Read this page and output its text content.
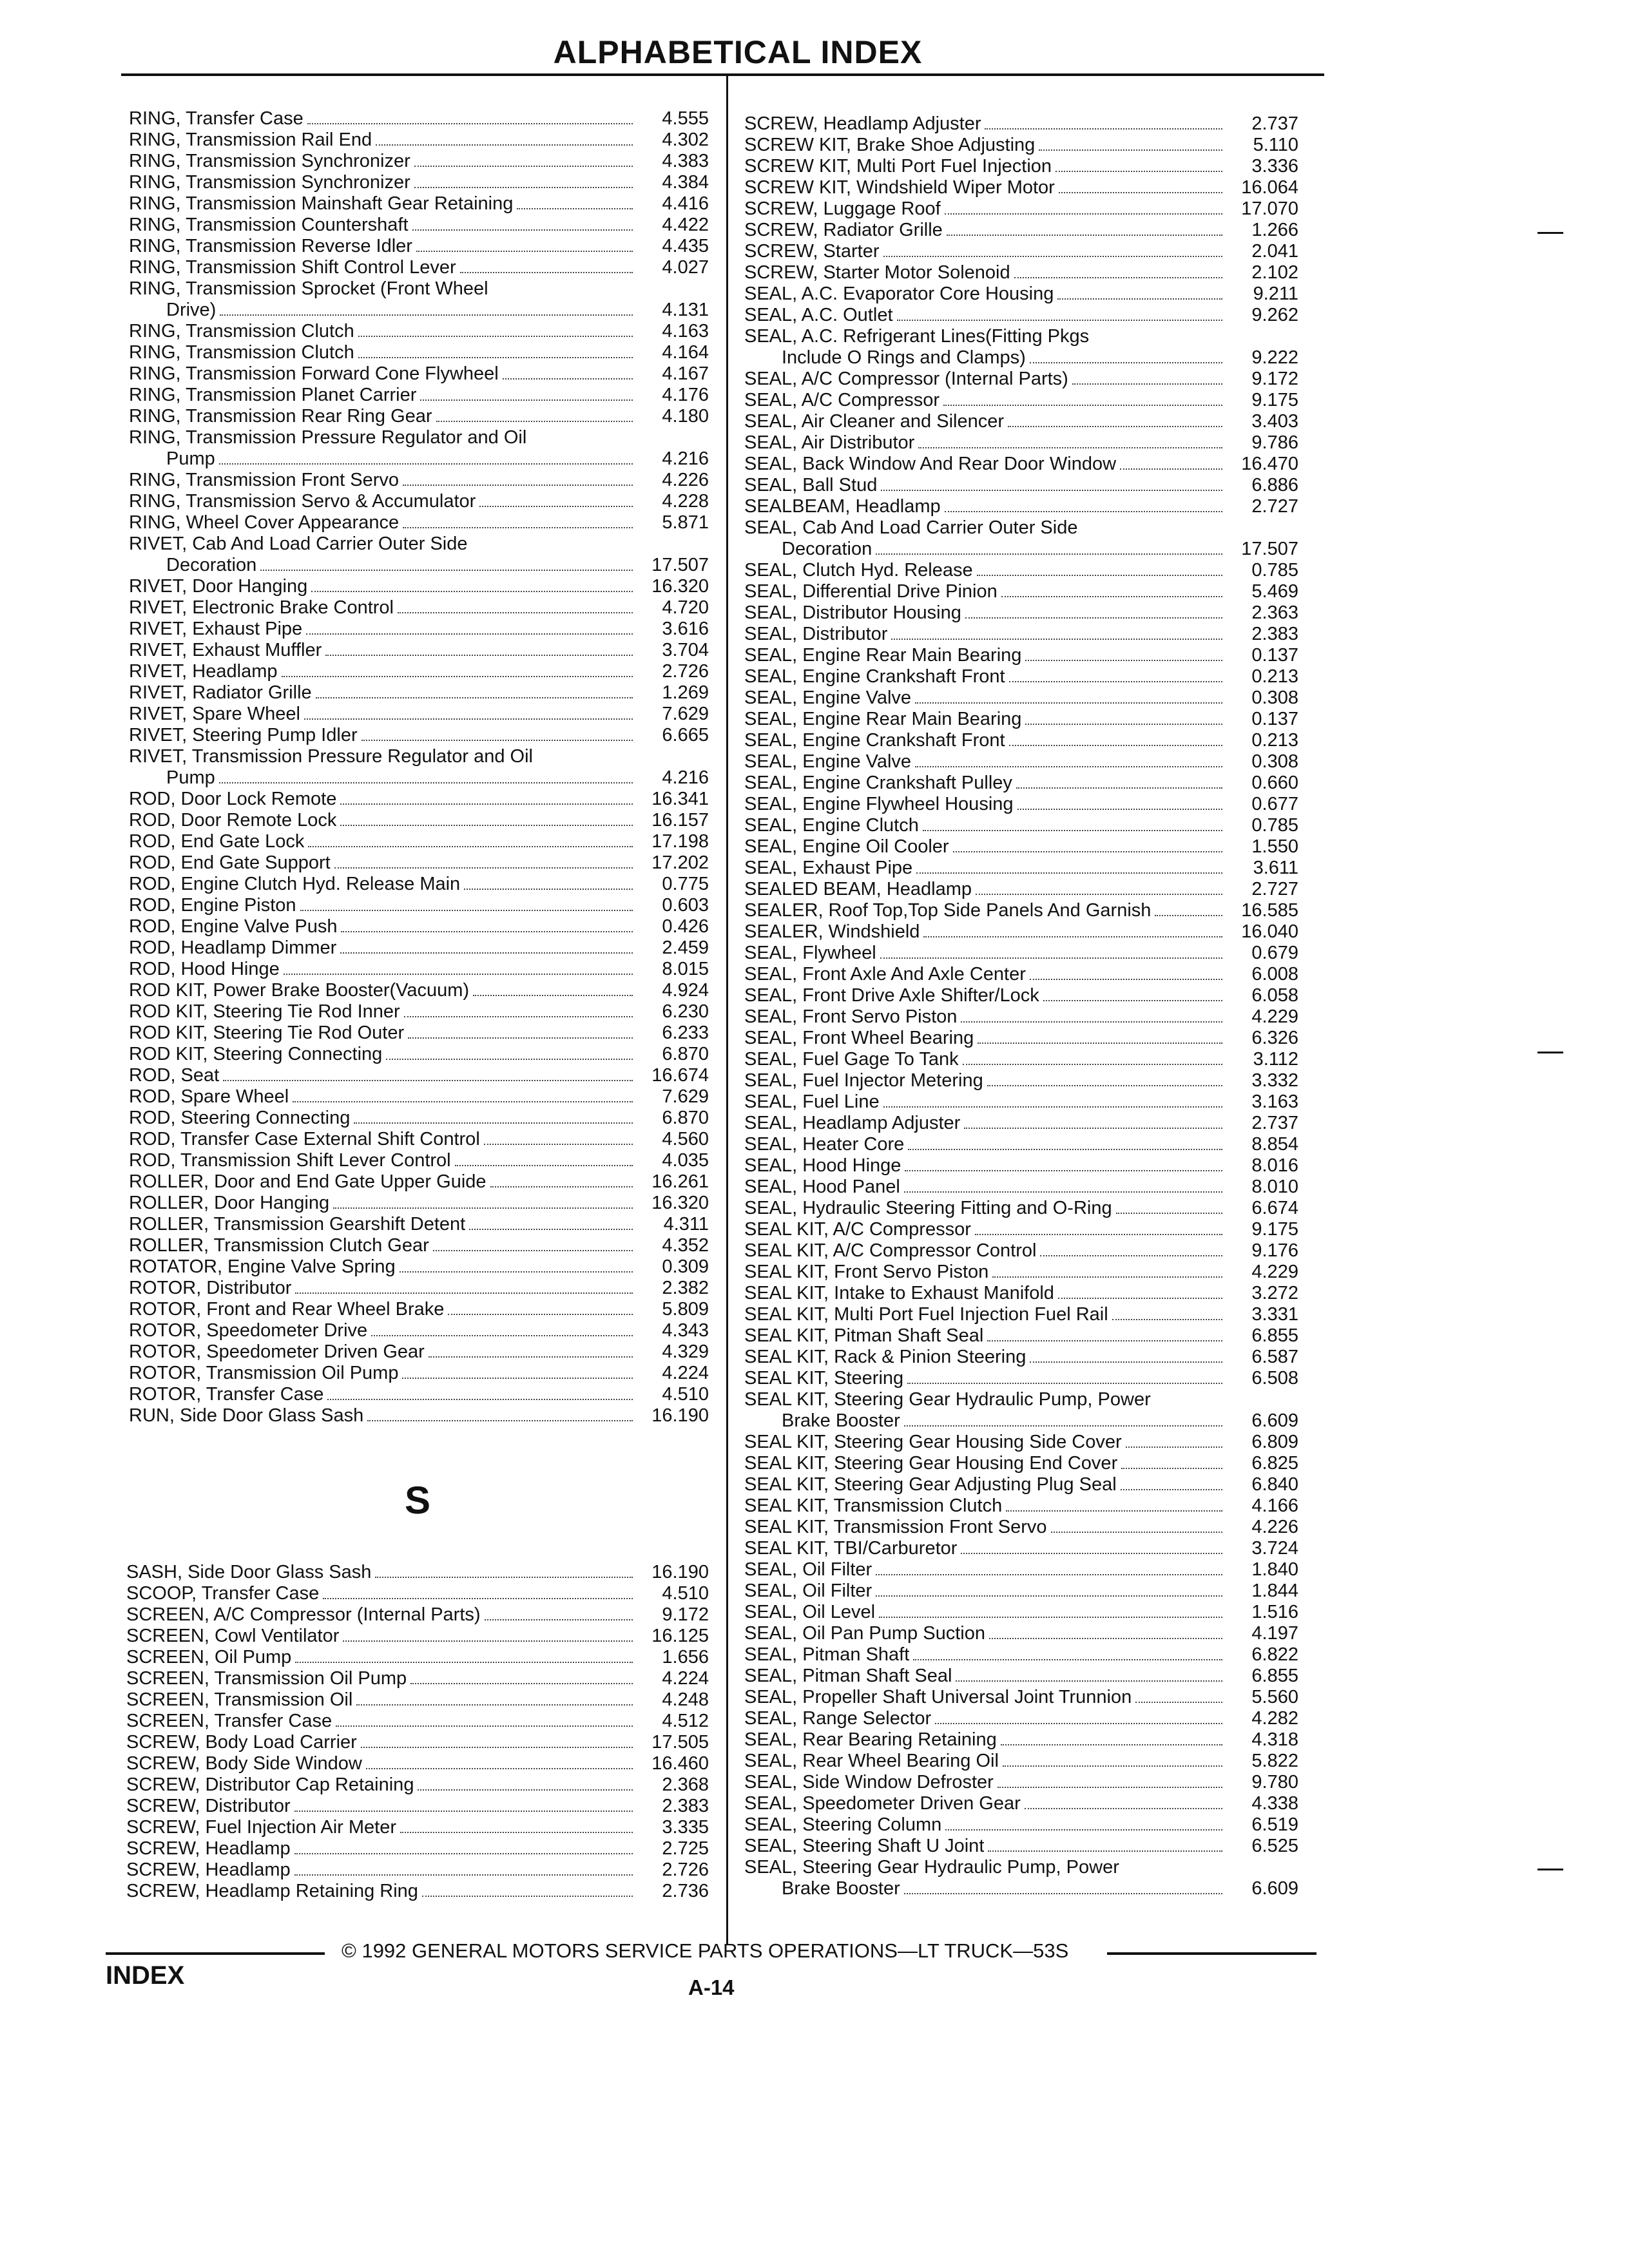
ALPHABETICAL INDEX
RING, Transfer Case	4.555
RING, Transmission Rail End	4.302
RING, Transmission Synchronizer	4.383
RING, Transmission Synchronizer	4.384
RING, Transmission Mainshaft Gear Retaining	4.416
RING, Transmission Countershaft	4.422
RING, Transmission Reverse Idler	4.435
RING, Transmission Shift Control Lever	4.027
RING, Transmission Sprocket (Front Wheel
Drive)	4.131
RING, Transmission Clutch	4.163
RING, Transmission Clutch	4.164
RING, Transmission Forward Cone Flywheel	4.167
RING, Transmission Planet Carrier	4.176
RING, Transmission Rear Ring Gear	4.180
RING, Transmission Pressure Regulator and Oil
Pump	4.216
RING, Transmission Front Servo	4.226
RING, Transmission Servo & Accumulator	4.228
RING, Wheel Cover Appearance	5.871
RIVET, Cab And Load Carrier Outer Side
Decoration	17.507
RIVET, Door Hanging	16.320
RIVET, Electronic Brake Control	4.720
RIVET, Exhaust Pipe	3.616
RIVET, Exhaust Muffler	3.704
RIVET, Headlamp	2.726
RIVET, Radiator Grille	1.269
RIVET, Spare Wheel	7.629
RIVET, Steering Pump Idler	6.665
RIVET, Transmission Pressure Regulator and Oil
Pump	4.216
ROD, Door Lock Remote	16.341
ROD, Door Remote Lock	16.157
ROD, End Gate Lock	17.198
ROD, End Gate Support	17.202
ROD, Engine Clutch Hyd. Release Main	0.775
ROD, Engine Piston	0.603
ROD, Engine Valve Push	0.426
ROD, Headlamp Dimmer	2.459
ROD, Hood Hinge	8.015
ROD KIT, Power Brake Booster(Vacuum)	4.924
ROD KIT, Steering Tie Rod Inner	6.230
ROD KIT, Steering Tie Rod Outer	6.233
ROD KIT, Steering Connecting	6.870
ROD, Seat	16.674
ROD, Spare Wheel	7.629
ROD, Steering Connecting	6.870
ROD, Transfer Case External Shift Control	4.560
ROD, Transmission Shift Lever Control	4.035
ROLLER, Door and End Gate Upper Guide	16.261
ROLLER, Door Hanging	16.320
ROLLER, Transmission Gearshift Detent	4.311
ROLLER, Transmission Clutch Gear	4.352
ROTATOR, Engine Valve Spring	0.309
ROTOR, Distributor	2.382
ROTOR, Front and Rear Wheel Brake	5.809
ROTOR, Speedometer Drive	4.343
ROTOR, Speedometer Driven Gear	4.329
ROTOR, Transmission Oil Pump	4.224
ROTOR, Transfer Case	4.510
RUN, Side Door Glass Sash	16.190
S
SASH, Side Door Glass Sash	16.190
SCOOP, Transfer Case	4.510
SCREEN, A/C Compressor (Internal Parts)	9.172
SCREEN, Cowl Ventilator	16.125
SCREEN, Oil Pump	1.656
SCREEN, Transmission Oil Pump	4.224
SCREEN, Transmission Oil	4.248
SCREEN, Transfer Case	4.512
SCREW, Body Load Carrier	17.505
SCREW, Body Side Window	16.460
SCREW, Distributor Cap Retaining	2.368
SCREW, Distributor	2.383
SCREW, Fuel Injection Air Meter	3.335
SCREW, Headlamp	2.725
SCREW, Headlamp	2.726
SCREW, Headlamp Retaining Ring	2.736
SCREW, Headlamp Adjuster	2.737
SCREW KIT, Brake Shoe Adjusting	5.110
SCREW KIT, Multi Port Fuel Injection	3.336
SCREW KIT, Windshield Wiper Motor	16.064
SCREW, Luggage Roof	17.070
SCREW, Radiator Grille	1.266
SCREW, Starter	2.041
SCREW, Starter Motor Solenoid	2.102
SEAL, A.C. Evaporator Core Housing	9.211
SEAL, A.C. Outlet	9.262
SEAL, A.C. Refrigerant Lines(Fitting Pkgs
Include O Rings and Clamps)	9.222
SEAL, A/C Compressor (Internal Parts)	9.172
SEAL, A/C Compressor	9.175
SEAL, Air Cleaner and Silencer	3.403
SEAL, Air Distributor	9.786
SEAL, Back Window And Rear Door Window	16.470
SEAL, Ball Stud	6.886
SEALBEAM, Headlamp	2.727
SEAL, Cab And Load Carrier Outer Side
Decoration	17.507
SEAL, Clutch Hyd. Release	0.785
SEAL, Differential Drive Pinion	5.469
SEAL, Distributor Housing	2.363
SEAL, Distributor	2.383
SEAL, Engine Rear Main Bearing	0.137
SEAL, Engine Crankshaft Front	0.213
SEAL, Engine Valve	0.308
SEAL, Engine Rear Main Bearing	0.137
SEAL, Engine Crankshaft Front	0.213
SEAL, Engine Valve	0.308
SEAL, Engine Crankshaft Pulley	0.660
SEAL, Engine Flywheel Housing	0.677
SEAL, Engine Clutch	0.785
SEAL, Engine Oil Cooler	1.550
SEAL, Exhaust Pipe	3.611
SEALED BEAM, Headlamp	2.727
SEALER, Roof Top,Top Side Panels And Garnish	16.585
SEALER, Windshield	16.040
SEAL, Flywheel	0.679
SEAL, Front Axle And Axle Center	6.008
SEAL, Front Drive Axle Shifter/Lock	6.058
SEAL, Front Servo Piston	4.229
SEAL, Front Wheel Bearing	6.326
SEAL, Fuel Gage To Tank	3.112
SEAL, Fuel Injector Metering	3.332
SEAL, Fuel Line	3.163
SEAL, Headlamp Adjuster	2.737
SEAL, Heater Core	8.854
SEAL, Hood Hinge	8.016
SEAL, Hood Panel	8.010
SEAL, Hydraulic Steering Fitting and O-Ring	6.674
SEAL KIT, A/C Compressor	9.175
SEAL KIT, A/C Compressor Control	9.176
SEAL KIT, Front Servo Piston	4.229
SEAL KIT, Intake to Exhaust Manifold	3.272
SEAL KIT, Multi Port Fuel Injection Fuel Rail	3.331
SEAL KIT, Pitman Shaft Seal	6.855
SEAL KIT, Rack & Pinion Steering	6.587
SEAL KIT, Steering	6.508
SEAL KIT, Steering Gear Hydraulic Pump, Power
Brake Booster	6.609
SEAL KIT, Steering Gear Housing Side Cover	6.809
SEAL KIT, Steering Gear Housing End Cover	6.825
SEAL KIT, Steering Gear Adjusting Plug Seal	6.840
SEAL KIT, Transmission Clutch	4.166
SEAL KIT, Transmission Front Servo	4.226
SEAL KIT, TBI/Carburetor	3.724
SEAL, Oil Filter	1.840
SEAL, Oil Filter	1.844
SEAL, Oil Level	1.516
SEAL, Oil Pan Pump Suction	4.197
SEAL, Pitman Shaft	6.822
SEAL, Pitman Shaft Seal	6.855
SEAL, Propeller Shaft Universal Joint Trunnion	5.560
SEAL, Range Selector	4.282
SEAL, Rear Bearing Retaining	4.318
SEAL, Rear Wheel Bearing Oil	5.822
SEAL, Side Window Defroster	9.780
SEAL, Speedometer Driven Gear	4.338
SEAL, Steering Column	6.519
SEAL, Steering Shaft U Joint	6.525
SEAL, Steering Gear Hydraulic Pump, Power
Brake Booster	6.609
© 1992 GENERAL MOTORS SERVICE PARTS OPERATIONS—LT TRUCK—53S
INDEX	A-14
